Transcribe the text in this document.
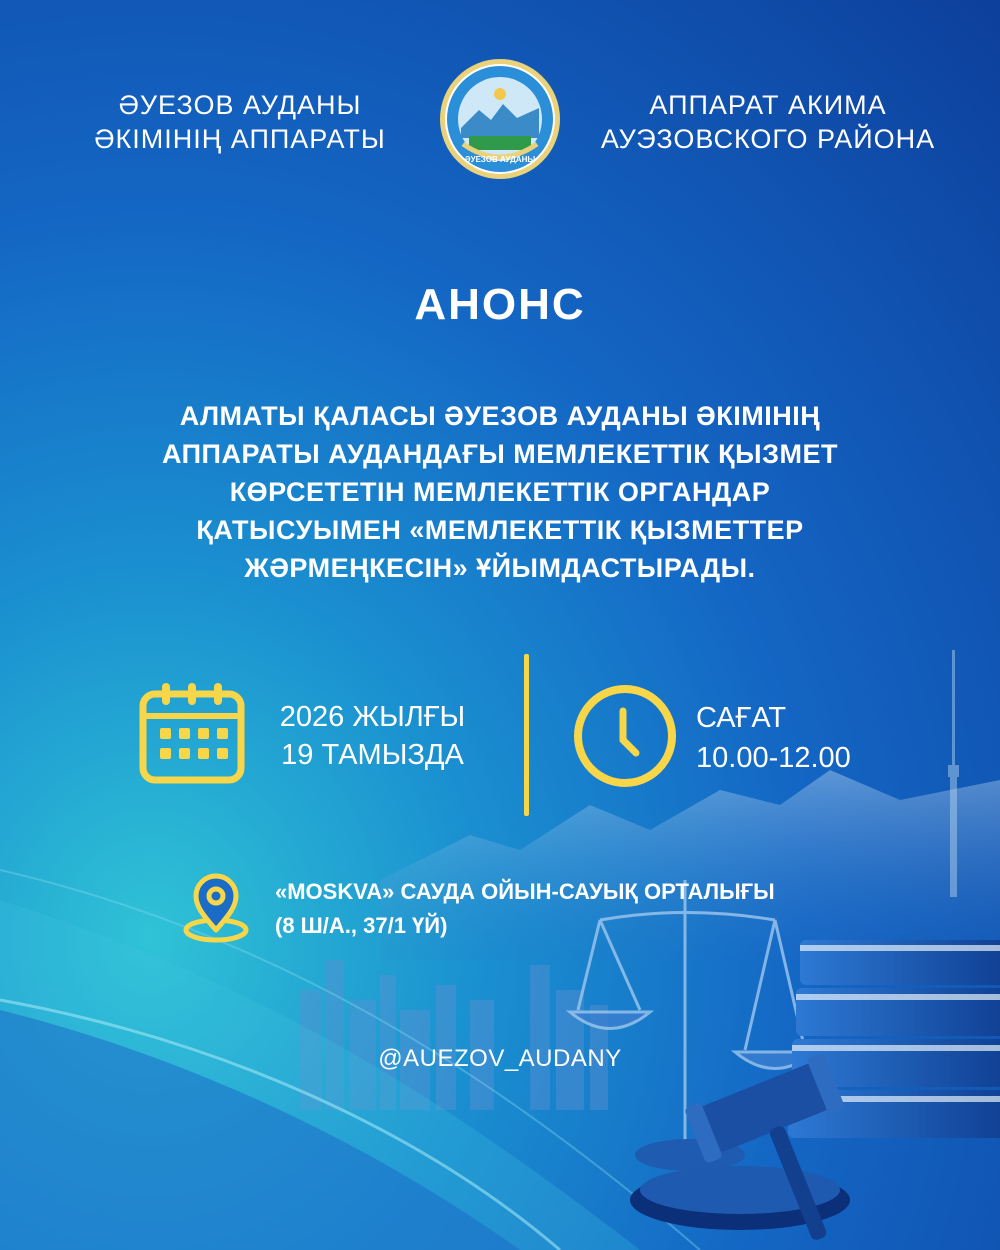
ӘУЕЗОВ АУДАНЫ
ӘКІМІНІҢ АППАРАТЫ
ӘУЕЗОВ АУДАНЫ
АППАРАТ АКИМА
АУЭЗОВСКОГО РАЙОНА
АНОНС
АЛМАТЫ ҚАЛАСЫ ӘУЕЗОВ АУДАНЫ ӘКІМІНІҢ
АППАРАТЫ АУДАНДАҒЫ МЕМЛЕКЕТТІК ҚЫЗМЕТ
КӨРСЕТЕТІН МЕМЛЕКЕТТІК ОРГАНДАР
ҚАТЫСУЫМЕН «МЕМЛЕКЕТТІК ҚЫЗМЕТТЕР
ЖӘРМЕҢКЕСІН» ҰЙЫМДАСТЫРАДЫ.
2026 ЖЫЛҒЫ
19 ТАМЫЗДА
САҒАТ
10.00-12.00
«MOSKVA» САУДА ОЙЫН-САУЫҚ ОРТАЛЫҒЫ
(8 Ш/А., 37/1 ҮЙ)
@AUEZOV_AUDANY
